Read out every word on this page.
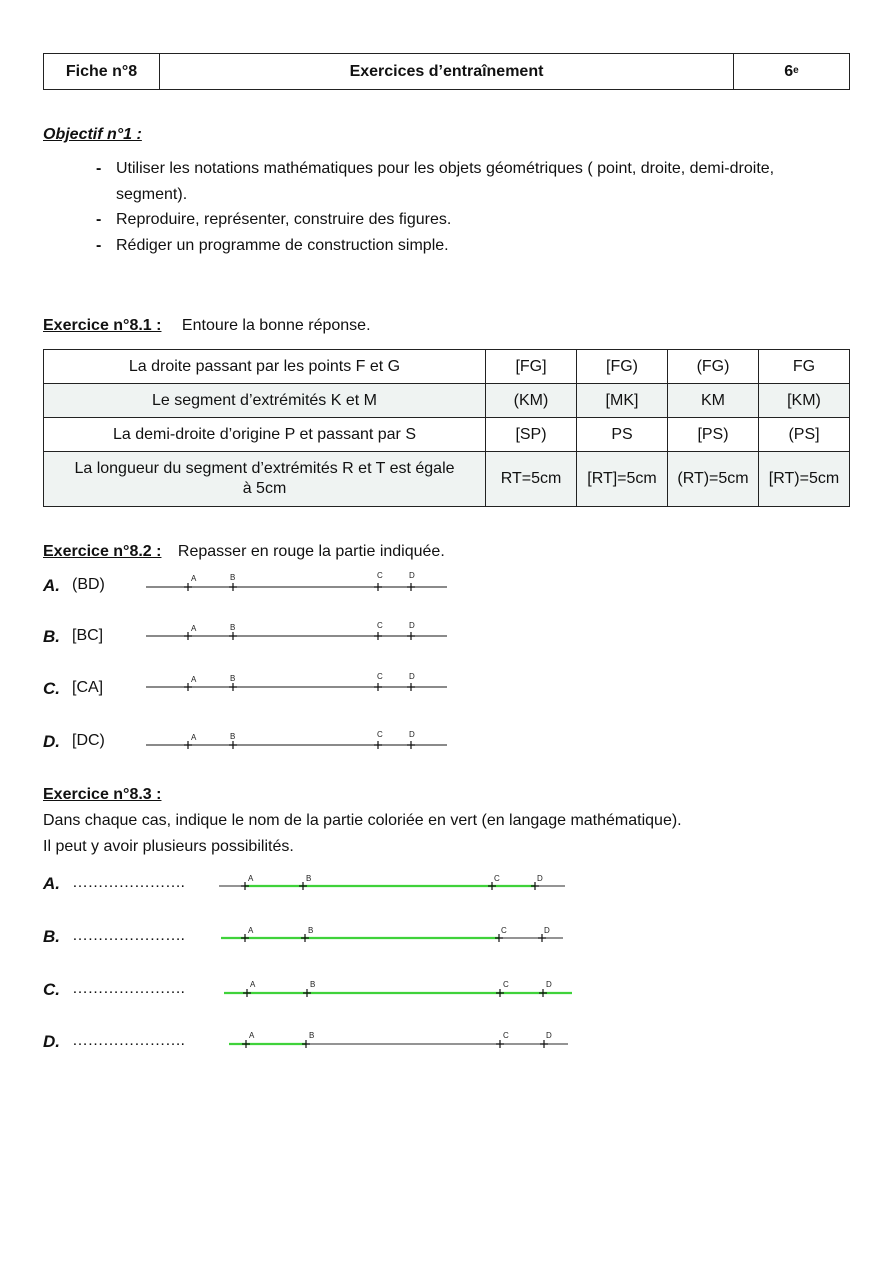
Fiche n°8	Exercices d’entraînement	6e
Objectif n°1 :
- Utiliser les notations mathématiques pour les objets géométriques ( point, droite, demi-droite, segment).
- Reproduire, représenter, construire des figures.
- Rédiger un programme de construction simple.
Exercice n°8.1 : Entoure la bonne réponse.
La droite passant par les points F et G	[FG]	[FG)	(FG)	FG
Le segment d’extrémités K et M	(KM)	[MK]	KM	[KM)
La demi-droite d’origine P et passant par S	[SP)	PS	[PS)	(PS]
La longueur du segment d’extrémités R et T est égale à 5cm	RT=5cm	[RT]=5cm	(RT)=5cm	[RT)=5cm
Exercice n°8.2 : Repasser en rouge la partie indiquée.
A. (BD)
B. [BC]
C. [CA]
D. [DC)
Exercice n°8.3 :
Dans chaque cas, indique le nom de la partie coloriée en vert (en langage mathématique).
Il peut y avoir plusieurs possibilités.
A. ………………….
B. ………………….
C. ………………….
D. ………………….
A	B	C	D
A	B	C	D
A	B	C	D
A	B	C	D
A	B	C	D
A	B	C	D
A	B	C	D
A	B	C	D
